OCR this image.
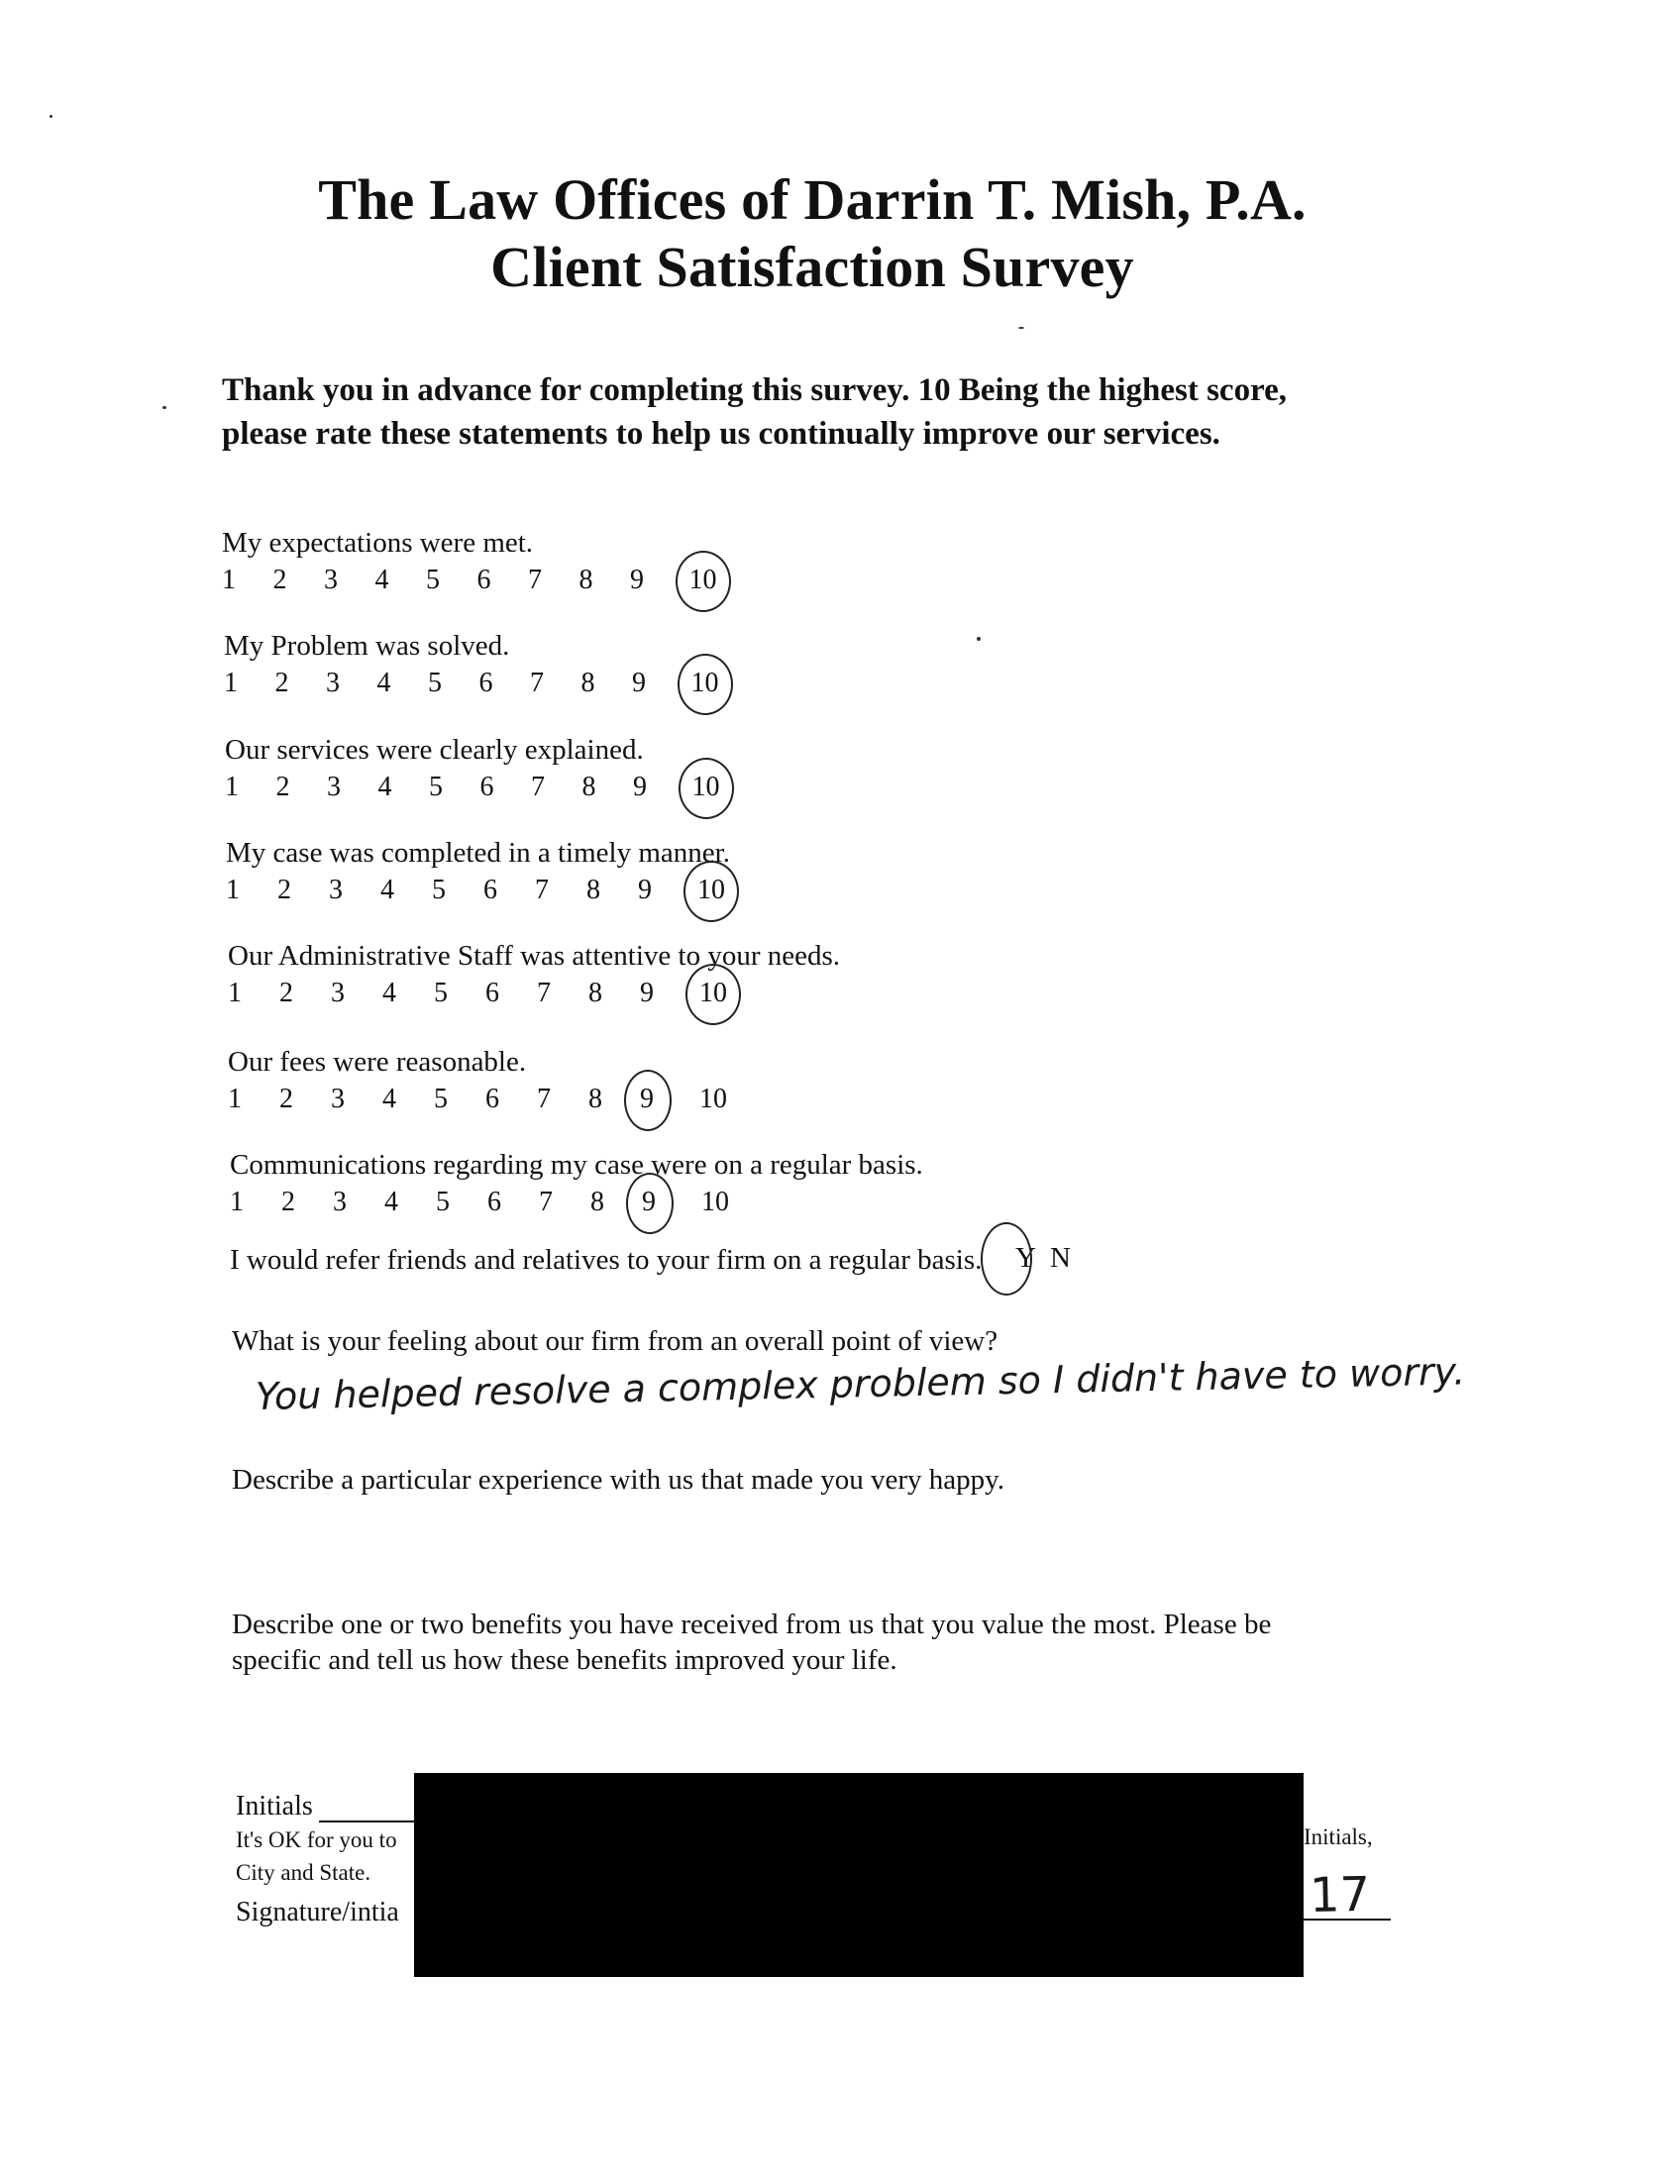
The Law Offices of Darrin T. Mish, P.A.
Client Satisfaction Survey
Thank you in advance for completing this survey. 10 Being the highest score,
please rate these statements to help us continually improve our services.
My expectations were met.
1 2 3 4 5 6 7 8 9 10
My Problem was solved.
1 2 3 4 5 6 7 8 9 10
Our services were clearly explained.
1 2 3 4 5 6 7 8 9 10
My case was completed in a timely manner.
1 2 3 4 5 6 7 8 9 10
Our Administrative Staff was attentive to your needs.
1 2 3 4 5 6 7 8 9 10
Our fees were reasonable.
1 2 3 4 5 6 7 8 9 10
Communications regarding my case were on a regular basis.
1 2 3 4 5 6 7 8 9 10
I would refer friends and relatives to your firm on a regular basis. Y N
What is your feeling about our firm from an overall point of view?
You helped resolve a complex problem so I didn't have to worry.
Describe a particular experience with us that made you very happy.
Describe one or two benefits you have received from us that you value the most. Please be
specific and tell us how these benefits improved your life.
Initials
It's OK for you to
City and State.
Signature/intia
Initials,
17
